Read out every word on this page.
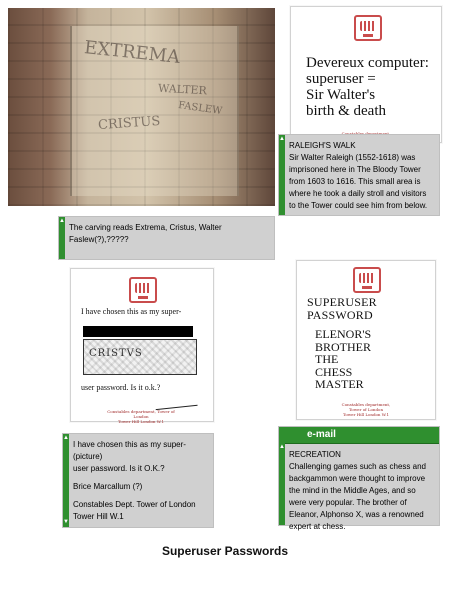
EXTREMA
CRISTUS
WALTER
FASLEW
Devereux computer:
superuser =
Sir Walter's
birth & death
▲
RALEIGH'S WALK
Sir Walter Raleigh (1552-1618) was imprisoned here in The Bloody Tower from 1603 to 1616. This small area is where he took a daily stroll and visitors to the Tower could see him from below.
▲
The carving reads Extrema, Cristus, Walter Faslew(?),?????
I have chosen this as my super-
CRISTVS
user password. Is it o.k.?
Constables department, Tower of London
Tower Hill London W.1
SUPERUSER
PASSWORD
ELENOR'S
BROTHER
THE
CHESS
MASTER
Constables department, Tower of London
Tower Hill London W.1
▲
▼
I have chosen this as my super-
(picture)
user password. Is it O.K.?
Brice Marcallum (?)
Constables Dept. Tower of London
Tower Hill W.1
e-mail
▲
RECREATION
Challenging games such as chess and backgammon were thought to improve the mind in the Middle Ages, and so were very popular. The brother of Eleanor, Alphonso X, was a renowned expert at chess.
Superuser Passwords
